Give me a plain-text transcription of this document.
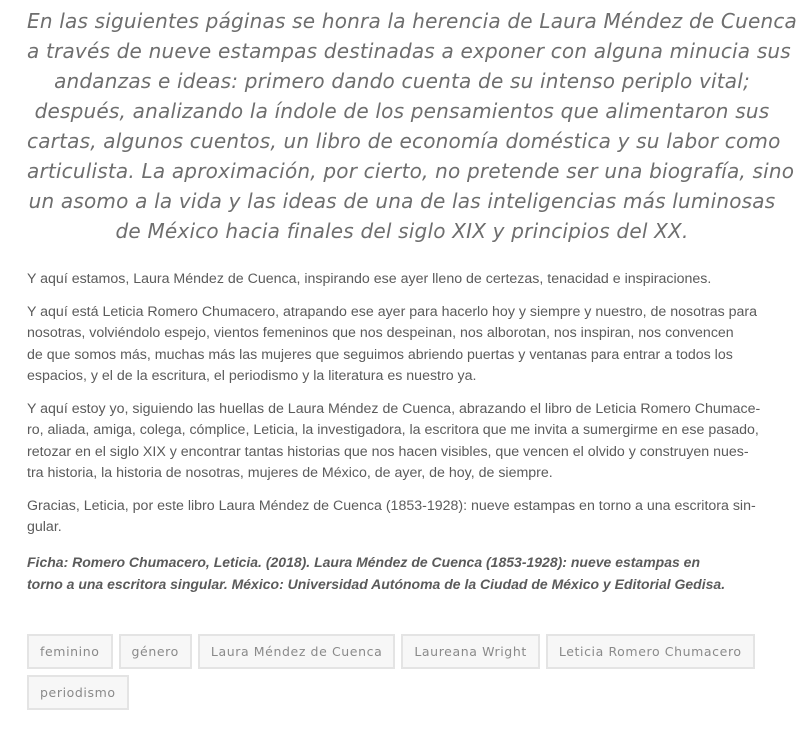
En las siguientes páginas se honra la herencia de Laura Méndez de Cuenca
a través de nueve estampas destinadas a exponer con alguna minucia sus
andanzas e ideas: primero dando cuenta de su intenso periplo vital;
después, analizando la índole de los pensamientos que alimentaron sus
cartas, algunos cuentos, un libro de economía doméstica y su labor como
articulista. La aproximación, por cierto, no pretende ser una biografía, sino
un asomo a la vida y las ideas de una de las inteligencias más luminosas
de México hacia finales del siglo XIX y principios del XX.

Y aquí estamos, Laura Méndez de Cuenca, inspirando ese ayer lleno de certezas, tenacidad e inspiraciones.

Y aquí está Leticia Romero Chumacero, atrapando ese ayer para hacerlo hoy y siempre y nuestro, de nosotras para
nosotras, volviéndolo espejo, vientos femeninos que nos despeinan, nos alborotan, nos inspiran, nos convencen
de que somos más, muchas más las mujeres que seguimos abriendo puertas y ventanas para entrar a todos los
espacios, y el de la escritura, el periodismo y la literatura es nuestro ya.

Y aquí estoy yo, siguiendo las huellas de Laura Méndez de Cuenca, abrazando el libro de Leticia Romero Chumace-
ro, aliada, amiga, colega, cómplice, Leticia, la investigadora, la escritora que me invita a sumergirme en ese pasado,
retozar en el siglo XIX y encontrar tantas historias que nos hacen visibles, que vencen el olvido y construyen nues-
tra historia, la historia de nosotras, mujeres de México, de ayer, de hoy, de siempre.

Gracias, Leticia, por este libro Laura Méndez de Cuenca (1853-1928): nueve estampas en torno a una escritora sin-
gular.

Ficha: Romero Chumacero, Leticia. (2018). Laura Méndez de Cuenca (1853-1928): nueve estampas en
torno a una escritora singular. México: Universidad Autónoma de la Ciudad de México y Editorial Gedisa.

feminino	género	Laura Méndez de Cuenca	Laureana Wright	Leticia Romero Chumacero
periodismo
